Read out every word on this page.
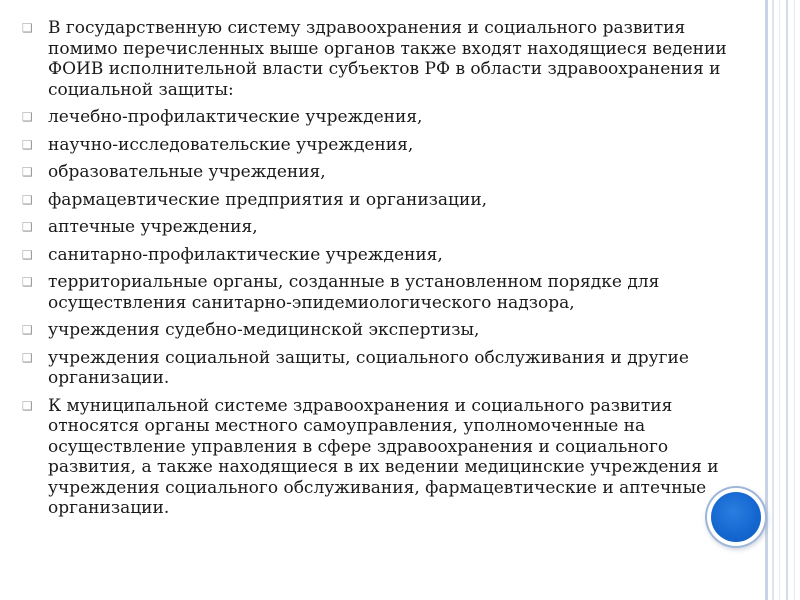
❑ В государственную систему здравоохранения и социального развития помимо перечисленных выше органов также входят находящиеся ведении ФОИВ исполнительной власти субъектов РФ в области здравоохранения и социальной защиты:
❑ лечебно-профилактические учреждения,
❑ научно-исследовательские учреждения,
❑ образовательные учреждения,
❑ фармацевтические предприятия и организации,
❑ аптечные учреждения,
❑ санитарно-профилактические учреждения,
❑ территориальные органы, созданные в установленном порядке для осуществления санитарно-эпидемиологического надзора,
❑ учреждения судебно-медицинской экспертизы,
❑ учреждения социальной защиты, социального обслуживания и другие организации.
❑ К муниципальной системе здравоохранения и социального развития относятся органы местного самоуправления, уполномоченные на осуществление управления в сфере здравоохранения и социального развития, а также находящиеся в их ведении медицинские учреждения и учреждения социального обслуживания, фармацевтические и аптечные организации.
